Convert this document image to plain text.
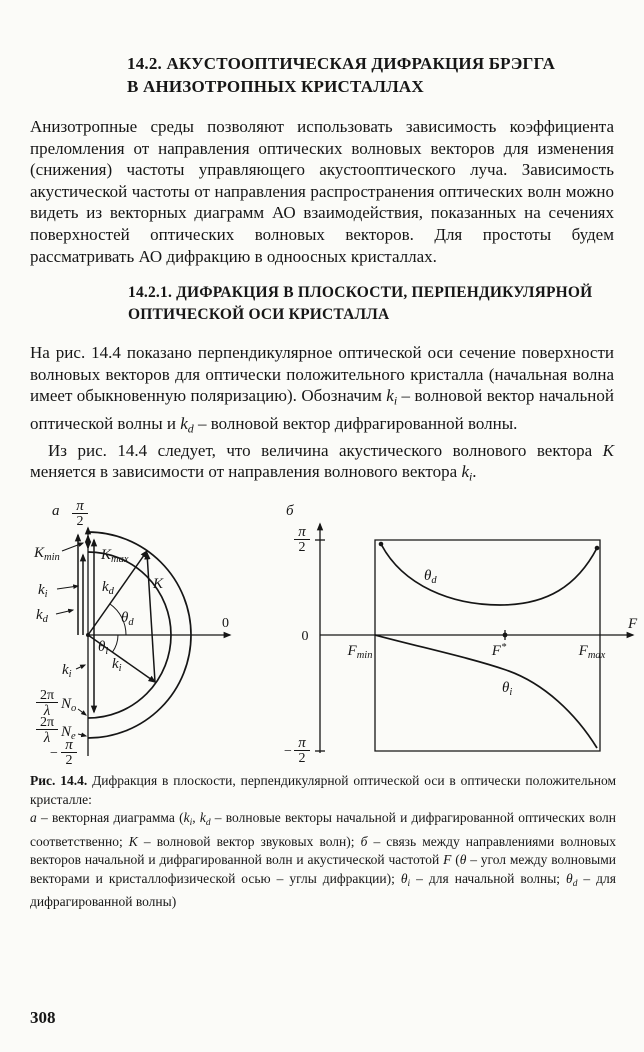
14.2. АКУСТООПТИЧЕСКАЯ ДИФРАКЦИЯ БРЭГГА
В АНИЗОТРОПНЫХ КРИСТАЛЛАХ
Анизотропные среды позволяют использовать зависимость коэффициента преломления от направления оптических волновых векторов для изменения (снижения) частоты управляющего акустооптического луча. Зависимость акустической частоты от направления распространения оптических волн можно видеть из векторных диаграмм АО взаимодействия, показанных на сечениях поверхностей оптических волновых векторов. Для простоты будем рассматривать АО дифракцию в одноосных кристаллах.
14.2.1. ДИФРАКЦИЯ В ПЛОСКОСТИ, ПЕРПЕНДИКУЛЯРНОЙ
ОПТИЧЕСКОЙ ОСИ КРИСТАЛЛА
На рис. 14.4 показано перпендикулярное оптической оси сечение поверхности волновых векторов для оптически положительного кристалла (начальная волна имеет обыкновенную поляризацию). Обозначим $k_i$ – волновой вектор начальной оптической волны и $k_d$ – волновой вектор дифрагированной волны.
Из рис. 14.4 следует, что величина акустического волнового вектора K меняется в зависимости от направления волнового вектора $k_i$.
а π
2
0
$K_{max}$
$K_{min}$
$k_i$
$k_d$
$k_i$
$k_d$
$k_i$
K
$\theta_d$
$\theta_i$
2π
λ $N_o$
2π
λ $N_e$
−
π
2
б
F
π
2
0
−
π
2
$F_{min}$	F*	$F_{max}$
$\theta_d$
$\theta_i$
Рис. 14.4. Дифракция в плоскости, перпендикулярной оптической оси в оптически положительном кристалле:
а – векторная диаграмма ($k_i$, $k_d$ – волновые векторы начальной и дифрагированной оптических волн соответственно; K – волновой вектор звуковых волн); б – связь между направлениями волновых векторов начальной и дифрагированной волн и акустической частотой F (θ – угол между волновыми векторами и кристаллофизической осью – углы дифракции); $\theta_i$ – для начальной волны; $\theta_d$ – для дифрагированной волны)
308
